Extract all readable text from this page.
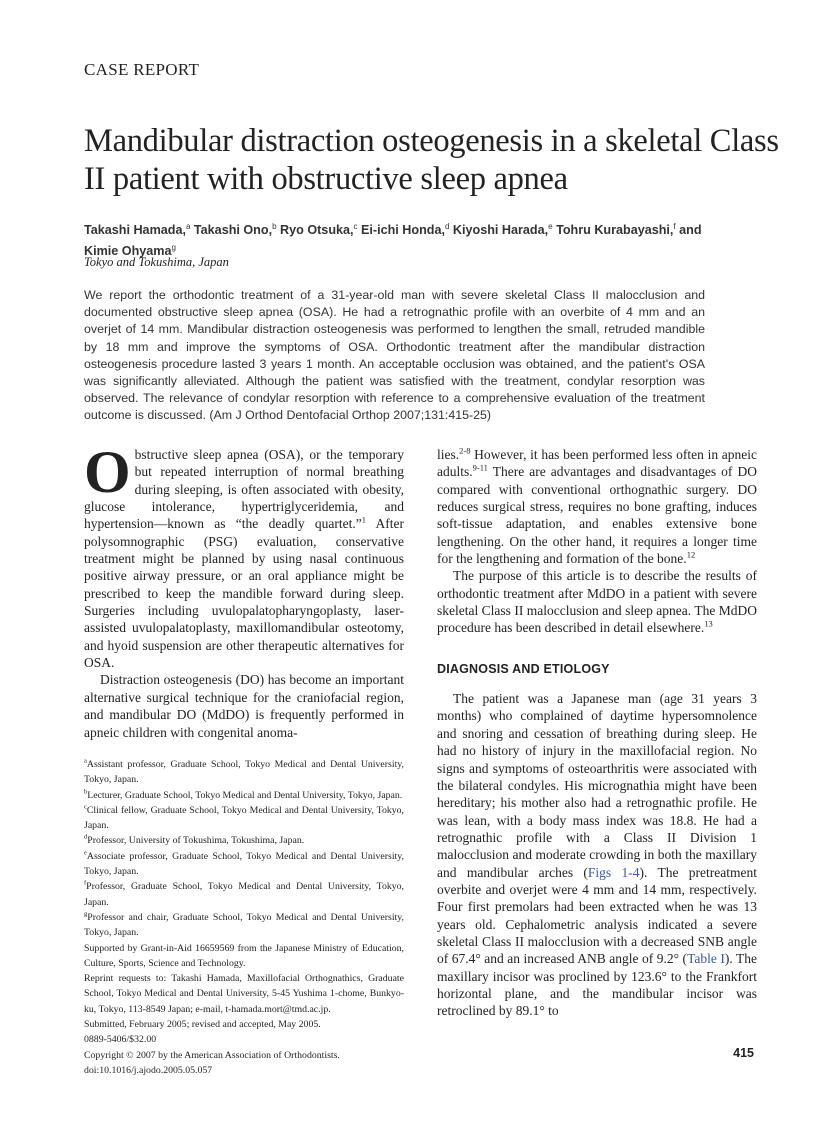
CASE REPORT
Mandibular distraction osteogenesis in a skeletal Class II patient with obstructive sleep apnea
Takashi Hamada,$^a$ Takashi Ono,$^b$ Ryo Otsuka,$^c$ Ei-ichi Honda,$^d$ Kiyoshi Harada,$^e$ Tohru Kurabayashi,$^f$ and Kimie Ohyama$^g$
Tokyo and Tokushima, Japan
We report the orthodontic treatment of a 31-year-old man with severe skeletal Class II malocclusion and documented obstructive sleep apnea (OSA). He had a retrognathic profile with an overbite of 4 mm and an overjet of 14 mm. Mandibular distraction osteogenesis was performed to lengthen the small, retruded mandible by 18 mm and improve the symptoms of OSA. Orthodontic treatment after the mandibular distraction osteogenesis procedure lasted 3 years 1 month. An acceptable occlusion was obtained, and the patient's OSA was significantly alleviated. Although the patient was satisfied with the treatment, condylar resorption was observed. The relevance of condylar resorption with reference to a comprehensive evaluation of the treatment outcome is discussed. (Am J Orthod Dentofacial Orthop 2007;131:415-25)
O bstructive sleep apnea (OSA), or the temporary but repeated interruption of normal breathing during sleeping, is often associated with obesity, glucose intolerance, hypertriglyceridemia, and hypertension—known as “the deadly quartet.”$^1$ After polysomnographic (PSG) evaluation, conservative treatment might be planned by using nasal continuous positive airway pressure, or an oral appliance might be prescribed to keep the mandible forward during sleep. Surgeries including uvulopalatopharyngoplasty, laser-assisted uvulopalatoplasty, maxillomandibular osteotomy, and hyoid suspension are other therapeutic alternatives for OSA.

Distraction osteogenesis (DO) has become an important alternative surgical technique for the craniofacial region, and mandibular DO (MdDO) is frequently performed in apneic children with congenital anoma-

lies.$^{2-8}$ However, it has been performed less often in apneic adults.$^{9-11}$ There are advantages and disadvantages of DO compared with conventional orthognathic surgery. DO reduces surgical stress, requires no bone grafting, induces soft-tissue adaptation, and enables extensive bone lengthening. On the other hand, it requires a longer time for the lengthening and formation of the bone.$^{12}$

The purpose of this article is to describe the results of orthodontic treatment after MdDO in a patient with severe skeletal Class II malocclusion and sleep apnea. The MdDO procedure has been described in detail elsewhere.$^{13}$

DIAGNOSIS AND ETIOLOGY

The patient was a Japanese man (age 31 years 3 months) who complained of daytime hypersomnolence and snoring and cessation of breathing during sleep. He had no history of injury in the maxillofacial region. No signs and symptoms of osteoarthritis were associated with the bilateral condyles. His micrognathia might have been hereditary; his mother also had a retrognathic profile. He was lean, with a body mass index was 18.8. He had a retrognathic profile with a Class II Division 1 malocclusion and moderate crowding in both the maxillary and mandibular arches (Figs 1-4). The pretreatment overbite and overjet were 4 mm and 14 mm, respectively. Four first premolars had been extracted when he was 13 years old. Cephalometric analysis indicated a severe skeletal Class II malocclusion with a decreased SNB angle of 67.4° and an increased ANB angle of 9.2° (Table I). The maxillary incisor was proclined by 123.6° to the Frankfort horizontal plane, and the mandibular incisor was retroclined by 89.1° to

$^a$Assistant professor, Graduate School, Tokyo Medical and Dental University, Tokyo, Japan.
$^b$Lecturer, Graduate School, Tokyo Medical and Dental University, Tokyo, Japan.
$^c$Clinical fellow, Graduate School, Tokyo Medical and Dental University, Tokyo, Japan.
$^d$Professor, University of Tokushima, Tokushima, Japan.
$^e$Associate professor, Graduate School, Tokyo Medical and Dental University, Tokyo, Japan.
$^f$Professor, Graduate School, Tokyo Medical and Dental University, Tokyo, Japan.
$^g$Professor and chair, Graduate School, Tokyo Medical and Dental University, Tokyo, Japan.
Supported by Grant-in-Aid 16659569 from the Japanese Ministry of Education, Culture, Sports, Science and Technology.
Reprint requests to: Takashi Hamada, Maxillofacial Orthognathics, Graduate School, Tokyo Medical and Dental University, 5-45 Yushima 1-chome, Bunkyo-ku, Tokyo, 113-8549 Japan; e-mail, t-hamada.mort@tmd.ac.jp.
Submitted, February 2005; revised and accepted, May 2005.
0889-5406/$32.00
Copyright © 2007 by the American Association of Orthodontists.
doi:10.1016/j.ajodo.2005.05.057
415
